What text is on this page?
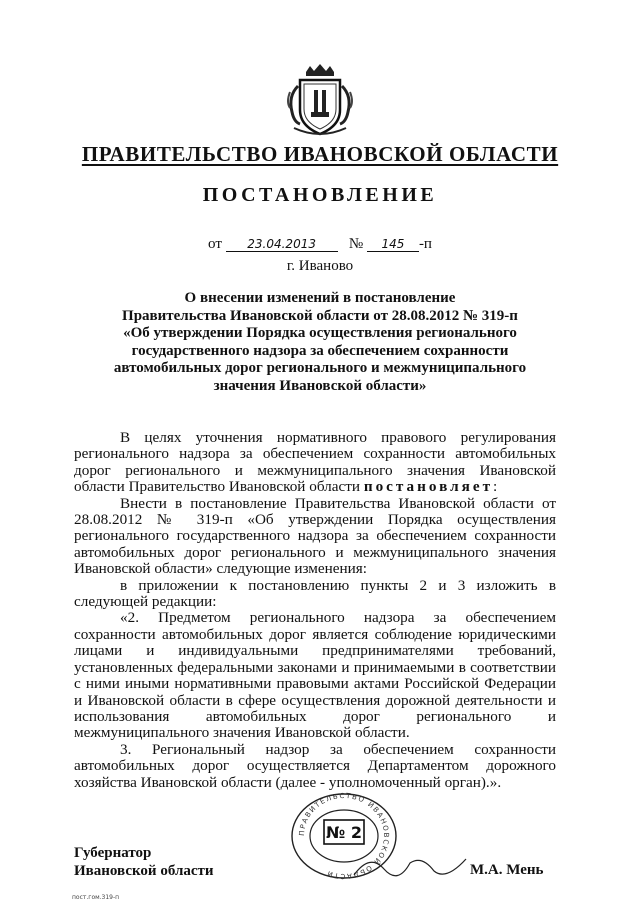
ПРАВИТЕЛЬСТВО ИВАНОВСКОЙ ОБЛАСТИ
ПОСТАНОВЛЕНИЕ
от 23.04.2013 № 145 -п
г. Иваново
О внесении изменений в постановление
Правительства Ивановской области от 28.08.2012 № 319-п
«Об утверждении Порядка осуществления регионального
государственного надзора за обеспечением сохранности
автомобильных дорог регионального и межмуниципального
значения Ивановской области»

В целях уточнения нормативного правового регулирования регионального надзора за обеспечением сохранности автомобильных дорог регионального и межмуниципального значения Ивановской области Правительство Ивановской области постановляет:

Внести в постановление Правительства Ивановской области от 28.08.2012 № 319-п «Об утверждении Порядка осуществления регионального государственного надзора за обеспечением сохранности автомобильных дорог регионального и межмуниципального значения Ивановской области» следующие изменения:

в приложении к постановлению пункты 2 и 3 изложить в следующей редакции:

«2. Предметом регионального надзора за обеспечением сохранности автомобильных дорог является соблюдение юридическими лицами и индивидуальными предпринимателями требований, установленных федеральными законами и принимаемыми в соответствии с ними иными нормативными правовыми актами Российской Федерации и Ивановской области в сфере осуществления дорожной деятельности и использования автомобильных дорог регионального и межмуниципального значения Ивановской области.

3. Региональный надзор за обеспечением сохранности автомобильных дорог осуществляется Департаментом дорожного хозяйства Ивановской области (далее - уполномоченный орган).».

ПРАВИТЕЛЬСТВО ИВАНОВСКОЙ ОБЛАСТИ
№ 2
Губернатор
Ивановской области	М.А. Мень
пост.гом.319-п
